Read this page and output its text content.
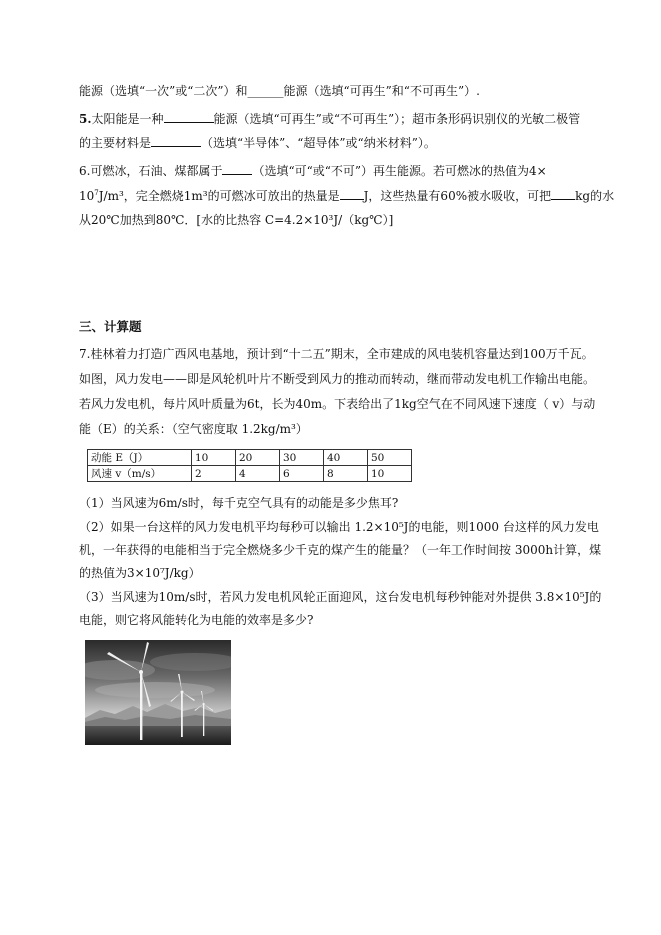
能源（选填“一次”或“二次”）和______能源（选填“可再生”和“不可再生”）.
5.太阳能是一种	能源（选填“可再生”或“不可再生”）；超市条形码识别仪的光敏二极管
的主要材料是	（选填“半导体”、“超导体”或“纳米材料”）。
6.可燃冰，石油、煤都属于	（选填“可“或“不可”）再生能源。若可燃冰的热值为4×
$10^7J/m^3$，完全燃烧1m³的可燃冰可放出的热量是 J，这些热量有60%被水吸收，可把 kg的水
从20℃加热到80℃．[水的比热容 C=4.2×10³J/（kg℃）]
三、计算题
7.桂林着力打造广西风电基地，预计到“十二五”期末，全市建成的风电装机容量达到100万千瓦。
如图，风力发电——即是风轮机叶片不断受到风力的推动而转动，继而带动发电机工作输出电能。
若风力发电机，每片风叶质量为6t，长为40m。下表给出了1kg空气在不同风速下速度（ v）与动
能（E）的关系：（空气密度取 1.2kg/m³）
动能 E（J）	10	20	30	40	50
风速 v（m/s）	2	4	6	8	10
（1）当风速为6m/s时，每千克空气具有的动能是多少焦耳?
（2）如果一台这样的风力发电机平均每秒可以输出 1.2×10⁵J的电能，则1000 台这样的风力发电
机，一年获得的电能相当于完全燃烧多少千克的煤产生的能量？（一年工作时间按 3000h计算，煤
的热值为3×10⁷J/kg）
（3）当风速为10m/s时，若风力发电机风轮正面迎风，这台发电机每秒钟能对外提供 3.8×10⁵J的
电能，则它将风能转化为电能的效率是多少?
